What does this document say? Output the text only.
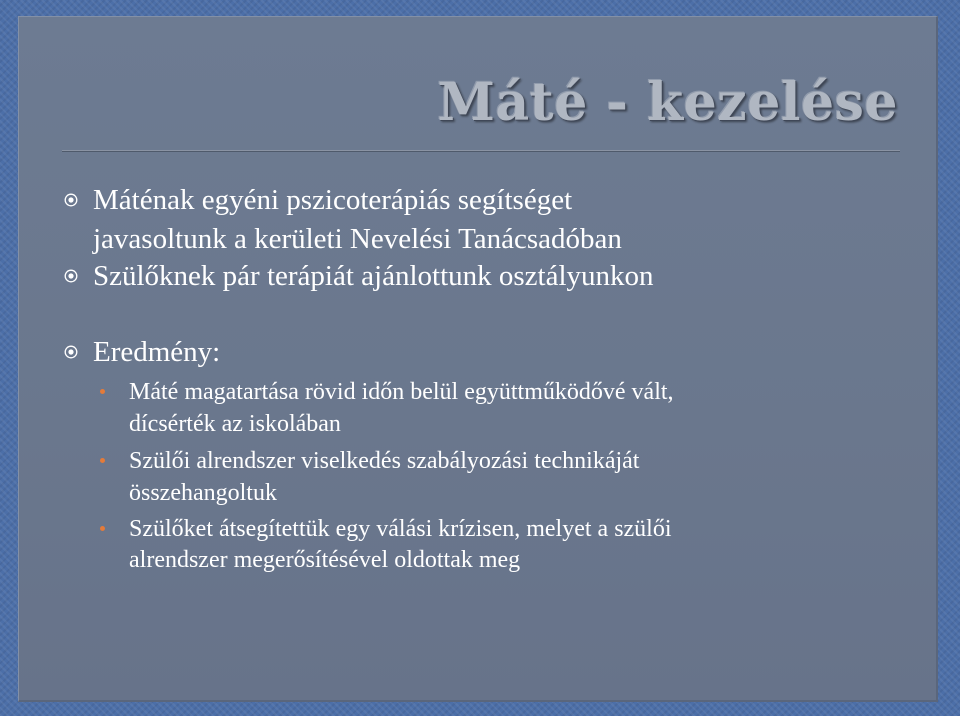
Máté - kezelése
Máténak egyéni pszicoterápiás segítséget
javasoltunk a kerületi Nevelési Tanácsadóban
Szülőknek pár terápiát ajánlottunk osztályunkon
Eredmény:
Máté magatartása rövid időn belül együttműködővé vált,
dícsérték az iskolában
Szülői alrendszer viselkedés szabályozási technikáját
összehangoltuk
Szülőket átsegítettük egy válási krízisen, melyet a szülői
alrendszer megerősítésével oldottak meg
